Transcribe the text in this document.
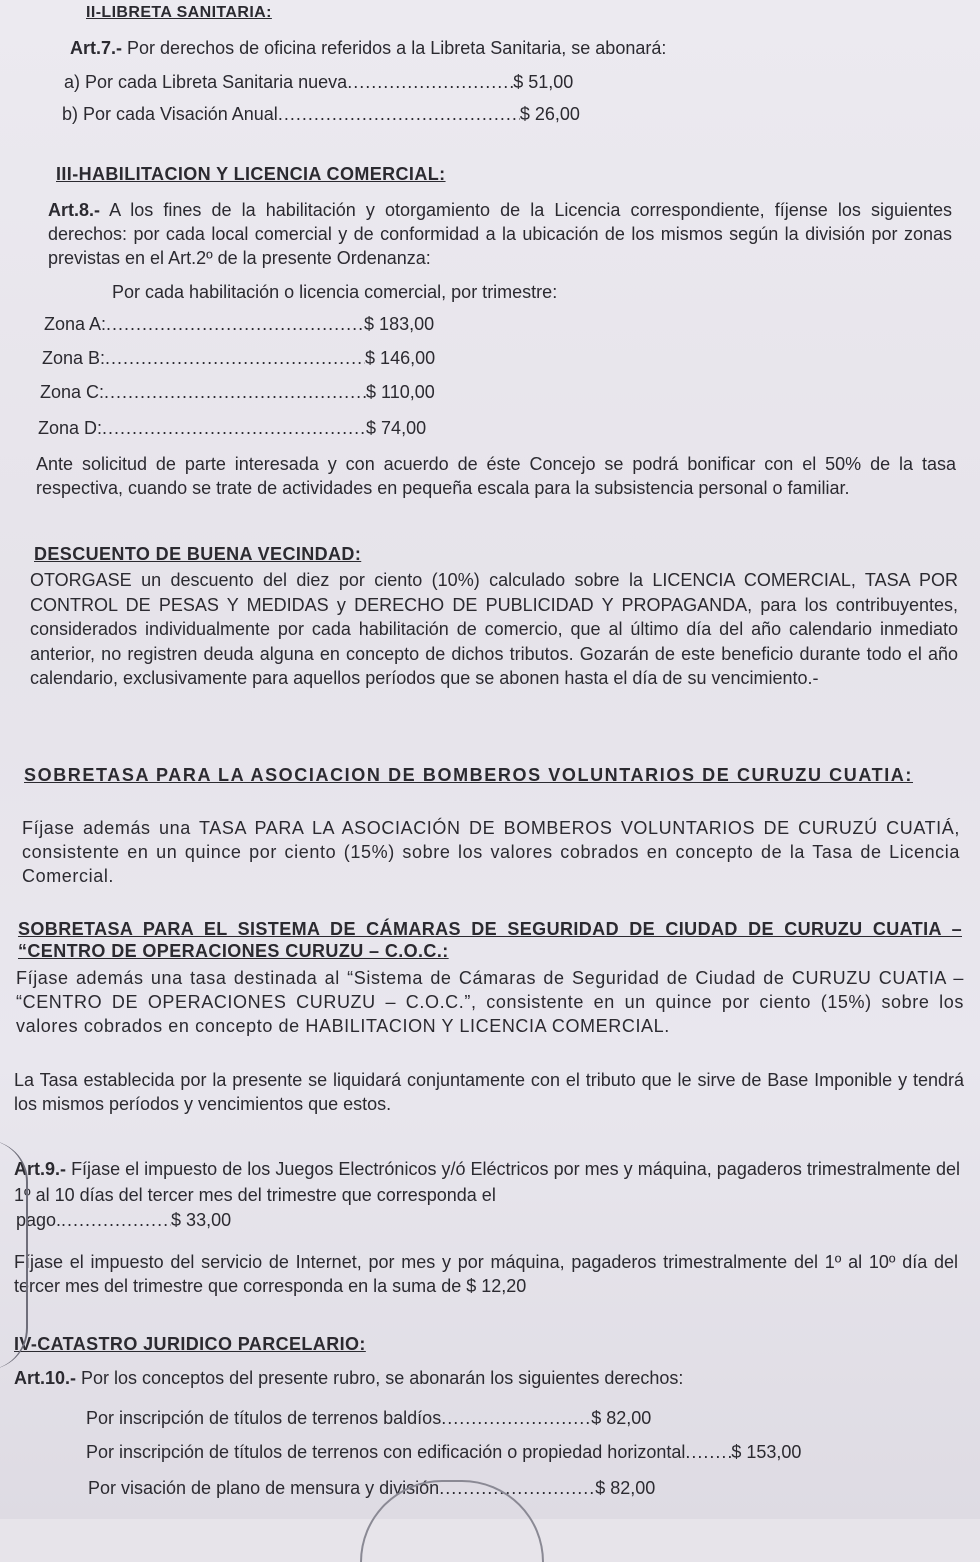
II-LIBRETA SANITARIA:
Art.7.- Por derechos de oficina referidos a la Libreta Sanitaria, se abonará:
a) Por cada Libreta Sanitaria nueva .....	$ 51,00
b) Por cada Visación Anual .....	$ 26,00
III-HABILITACION Y LICENCIA COMERCIAL:

Art.8.- A los fines de la habilitación y otorgamiento de la Licencia correspondiente, fíjense los siguientes derechos: por cada local comercial y de conformidad a la ubicación de los mismos según la división por zonas previstas en el Art.2º de la presente Ordenanza:

Por cada habilitación o licencia comercial, por trimestre:
Zona A: .....	$ 183,00
Zona B: .....	$ 146,00
Zona C: .....	$ 110,00
Zona D: .....	$ 74,00

Ante solicitud de parte interesada y con acuerdo de éste Concejo se podrá bonificar con el 50% de la tasa respectiva, cuando se trate de actividades en pequeña escala para la subsistencia personal o familiar.

DESCUENTO DE BUENA VECINDAD:

OTORGASE un descuento del diez por ciento (10%) calculado sobre la LICENCIA COMERCIAL, TASA POR CONTROL DE PESAS Y MEDIDAS y DERECHO DE PUBLICIDAD Y PROPAGANDA, para los contribuyentes, considerados individualmente por cada habilitación de comercio, que al último día del año calendario inmediato anterior, no registren deuda alguna en concepto de dichos tributos. Gozarán de este beneficio durante todo el año calendario, exclusivamente para aquellos períodos que se abonen hasta el día de su vencimiento.-

SOBRETASA PARA LA ASOCIACION DE BOMBEROS VOLUNTARIOS DE CURUZU CUATIA:

Fíjase además una TASA PARA LA ASOCIACIÓN DE BOMBEROS VOLUNTARIOS DE CURUZÚ CUATIÁ, consistente en un quince por ciento (15%) sobre los valores cobrados en concepto de la Tasa de Licencia Comercial.

SOBRETASA PARA EL SISTEMA DE CÁMARAS DE SEGURIDAD DE CIUDAD DE CURUZU CUATIA – “CENTRO DE OPERACIONES CURUZU – C.O.C.:

Fíjase además una tasa destinada al “Sistema de Cámaras de Seguridad de Ciudad de CURUZU CUATIA – “CENTRO DE OPERACIONES CURUZU – C.O.C.”, consistente en un quince por ciento (15%) sobre los valores cobrados en concepto de HABILITACION Y LICENCIA COMERCIAL.

La Tasa establecida por la presente se liquidará conjuntamente con el tributo que le sirve de Base Imponible y tendrá los mismos períodos y vencimientos que estos.

Art.9.- Fíjase el impuesto de los Juegos Electrónicos y/ó Eléctricos por mes y máquina, pagaderos trimestralmente del 1º al 10 días del tercer mes del trimestre que corresponda el

pago. .....	$ 33,00

Fíjase el impuesto del servicio de Internet, por mes y por máquina, pagaderos trimestralmente del 1º al 10º día del tercer mes del trimestre que corresponda en la suma de $ 12,20

IV-CATASTRO JURIDICO PARCELARIO:
Art.10.- Por los conceptos del presente rubro, se abonarán los siguientes derechos:
Por inscripción de títulos de terrenos baldíos .....	$ 82,00
Por inscripción de títulos de terrenos con edificación o propiedad horizontal .....	$ 153,00
Por visación de plano de mensura y división .....	$ 82,00
